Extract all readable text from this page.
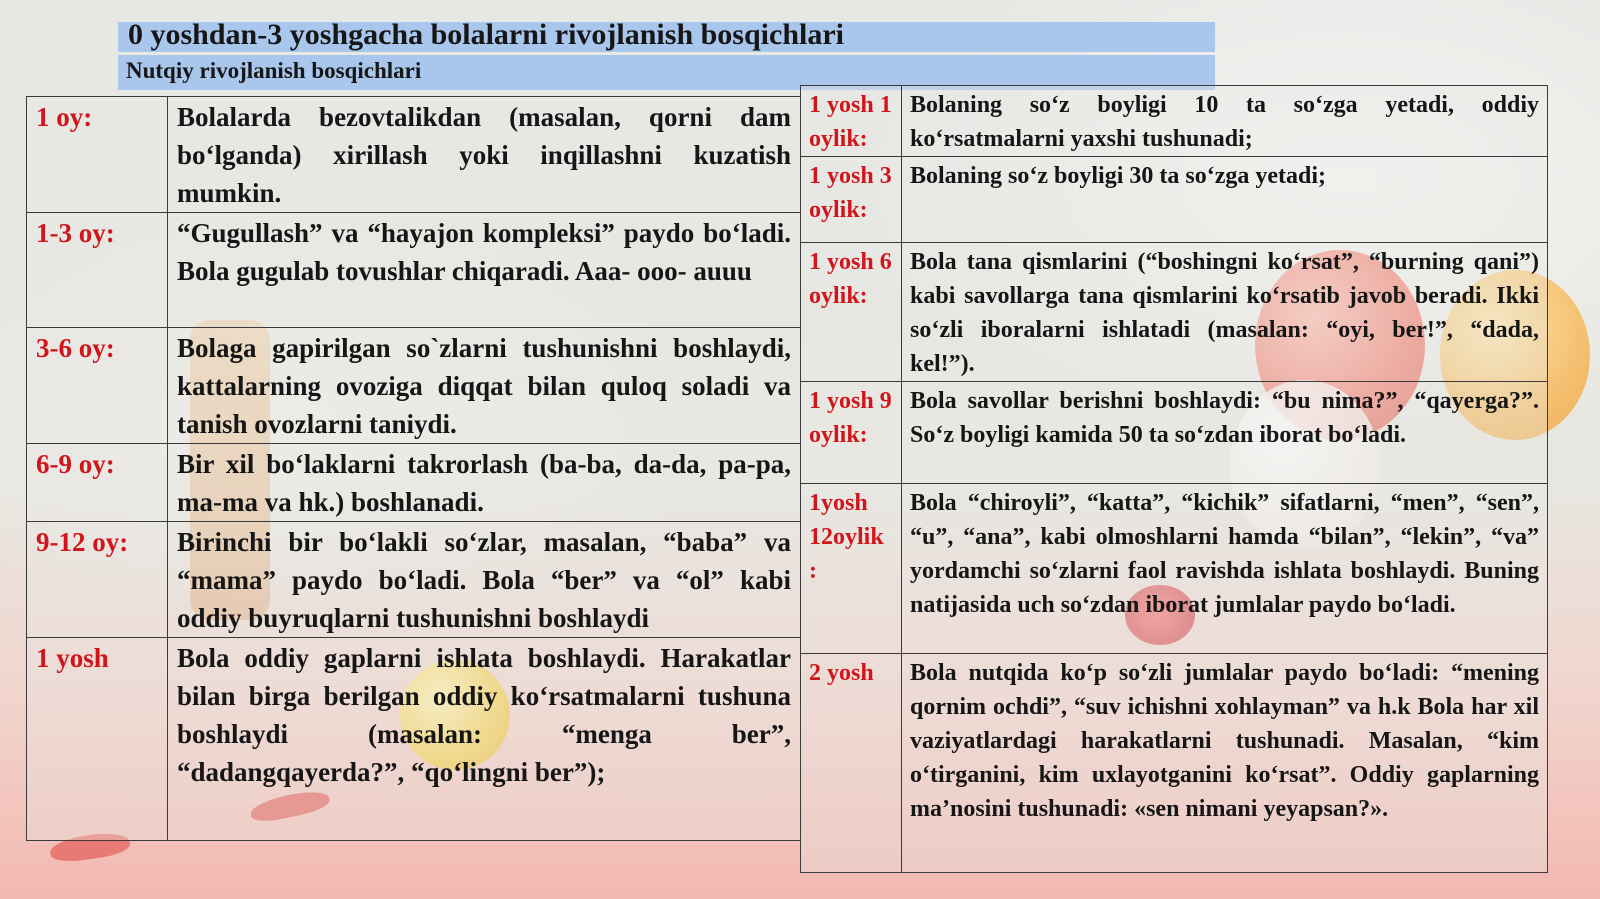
0 yoshdan-3 yoshgacha bolalarni rivojlanish bosqichlari
Nutqiy rivojlanish bosqichlari
1 oy:	Bolalarda bezovtalikdan (masalan, qorni dam bo‘lganda) xirillash yoki inqillashni kuzatish mumkin.
1-3 oy:	“Gugullash” va “hayajon kompleksi” paydo bo‘ladi. Bola gugulab tovushlar chiqaradi. Aaa- ooo- auuu
3-6 oy:	Bolaga gapirilgan so`zlarni tushunishni boshlaydi, kattalarning ovoziga diqqat bilan quloq soladi va tanish ovozlarni taniydi.
6-9 oy:	Bir xil bo‘laklarni takrorlash (ba-ba, da-da, pa-pa, ma-ma va hk.) boshlanadi.
9-12 oy:	Birinchi bir bo‘lakli so‘zlar, masalan, “baba” va “mama” paydo bo‘ladi. Bola “ber” va “ol” kabi oddiy buyruqlarni tushunishni boshlaydi
1 yosh	Bola oddiy gaplarni ishlata boshlaydi. Harakatlar bilan birga berilgan oddiy ko‘rsatmalarni tushuna boshlaydi (masalan: “menga ber”, “dadangqayerda?”, “qo‘lingni ber”);
1 yosh 1 oylik:	Bolaning so‘z boyligi 10 ta so‘zga yetadi, oddiy ko‘rsatmalarni yaxshi tushunadi;
1 yosh 3 oylik:	Bolaning so‘z boyligi 30 ta so‘zga yetadi;
1 yosh 6 oylik:	Bola tana qismlarini (“boshingni ko‘rsat”, “burning qani”) kabi savollarga tana qismlarini ko‘rsatib javob beradi. Ikki so‘zli iboralarni ishlatadi (masalan: “oyi, ber!”, “dada, kel!”).
1 yosh 9 oylik:	Bola savollar berishni boshlaydi: “bu nima?”, “qayerga?”. So‘z boyligi kamida 50 ta so‘zdan iborat bo‘ladi.
1yosh 12oylik :	Bola “chiroyli”, “katta”, “kichik” sifatlarni, “men”, “sen”, “u”, “ana”, kabi olmoshlarni hamda “bilan”, “lekin”, “va” yordamchi so‘zlarni faol ravishda ishlata boshlaydi. Buning natijasida uch so‘zdan iborat jumlalar paydo bo‘ladi.
2 yosh	Bola nutqida ko‘p so‘zli jumlalar paydo bo‘ladi: “mening qornim ochdi”, “suv ichishni xohlayman” va h.k Bola har xil vaziyatlardagi harakatlarni tushunadi. Masalan, “kim o‘tirganini, kim uxlayotganini ko‘rsat”. Oddiy gaplarning ma’nosini tushunadi: «sen nimani yeyapsan?».
